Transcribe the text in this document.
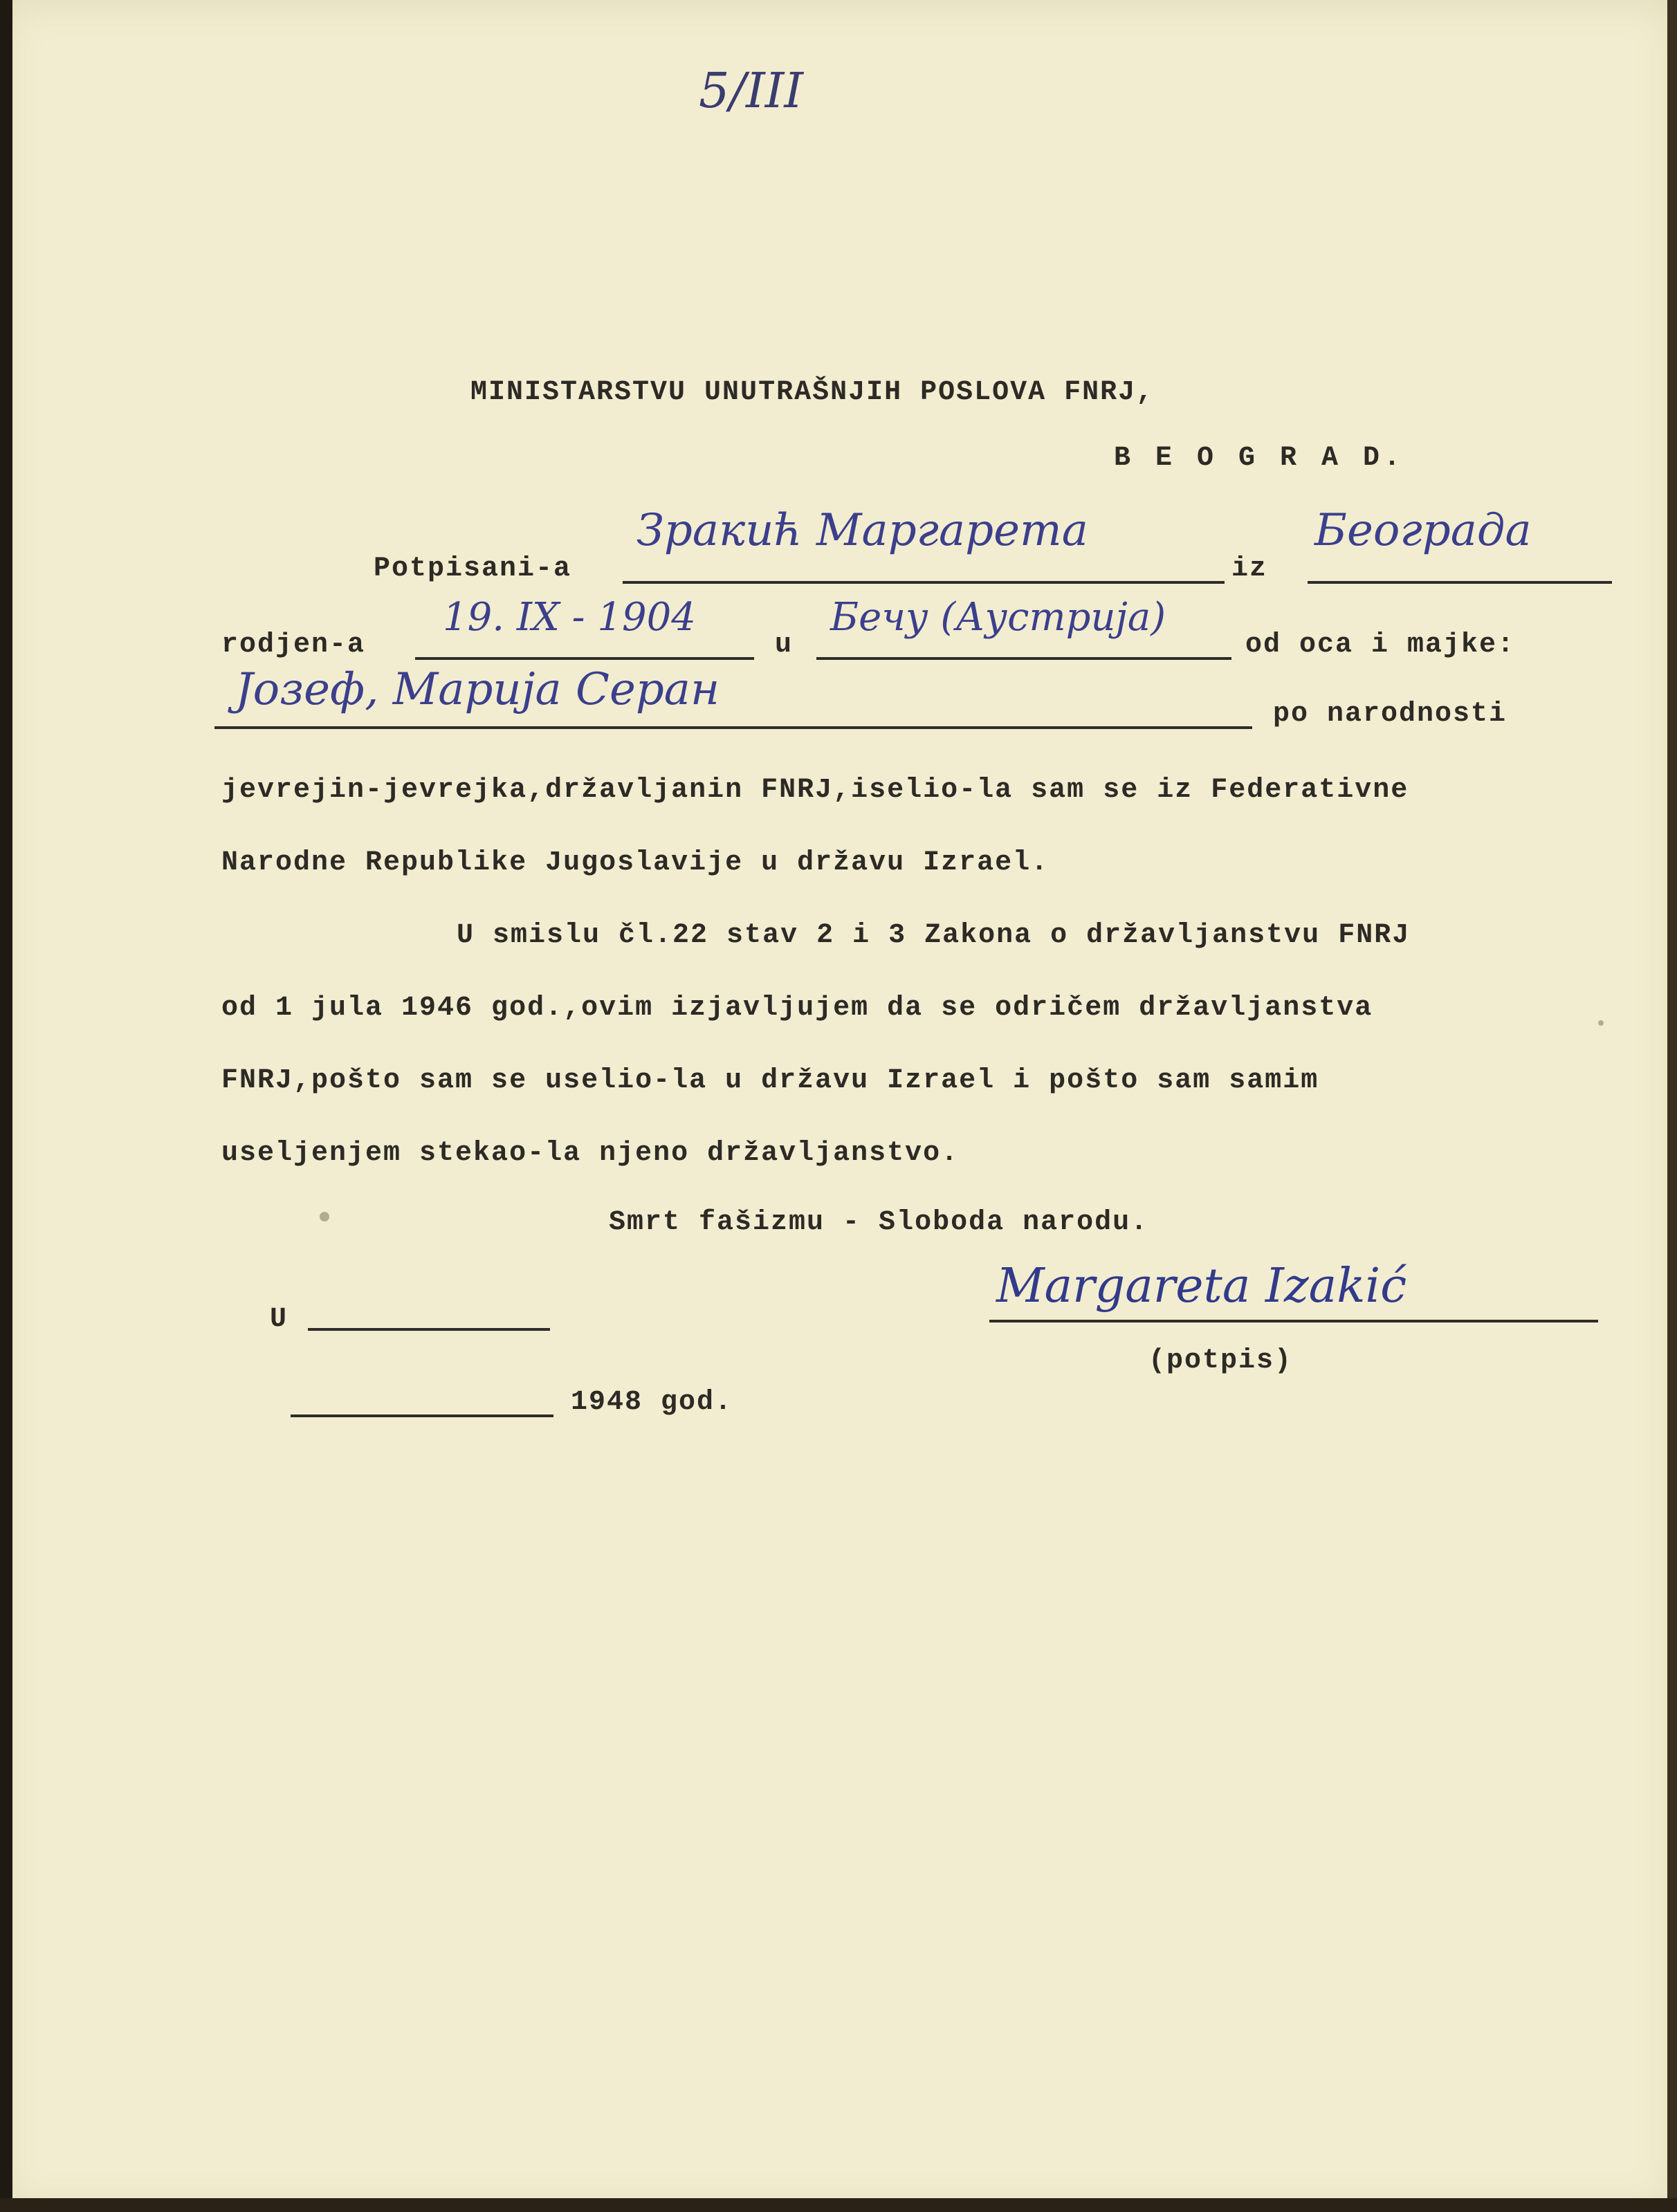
5/III
MINISTARSTVU UNUTRAŠNJIH POSLOVA FNRJ,
B E O G R A D.
Potpisani-a
Зракић Маргарета
iz
Београда
rodjen-a
19. IX - 1904
u
Бечу (Аустрија)
od oca i majke:
Јозеф, Марија Серан	po narodnosti
jevrejin-jevrejka,državljanin FNRJ,iselio-la sam se iz Federativne
Narodne Republike Jugoslavije u državu Izrael.
U smislu čl.22 stav 2 i 3 Zakona o državljanstvu FNRJ
od 1 jula 1946 god.,ovim izjavljujem da se odričem državljanstva
FNRJ,pošto sam se uselio-la u državu Izrael i pošto sam samim
useljenjem stekao-la njeno državljanstvo.
Smrt fašizmu - Sloboda narodu.
U
1948 god.
Margareta Izakić
(potpis)
